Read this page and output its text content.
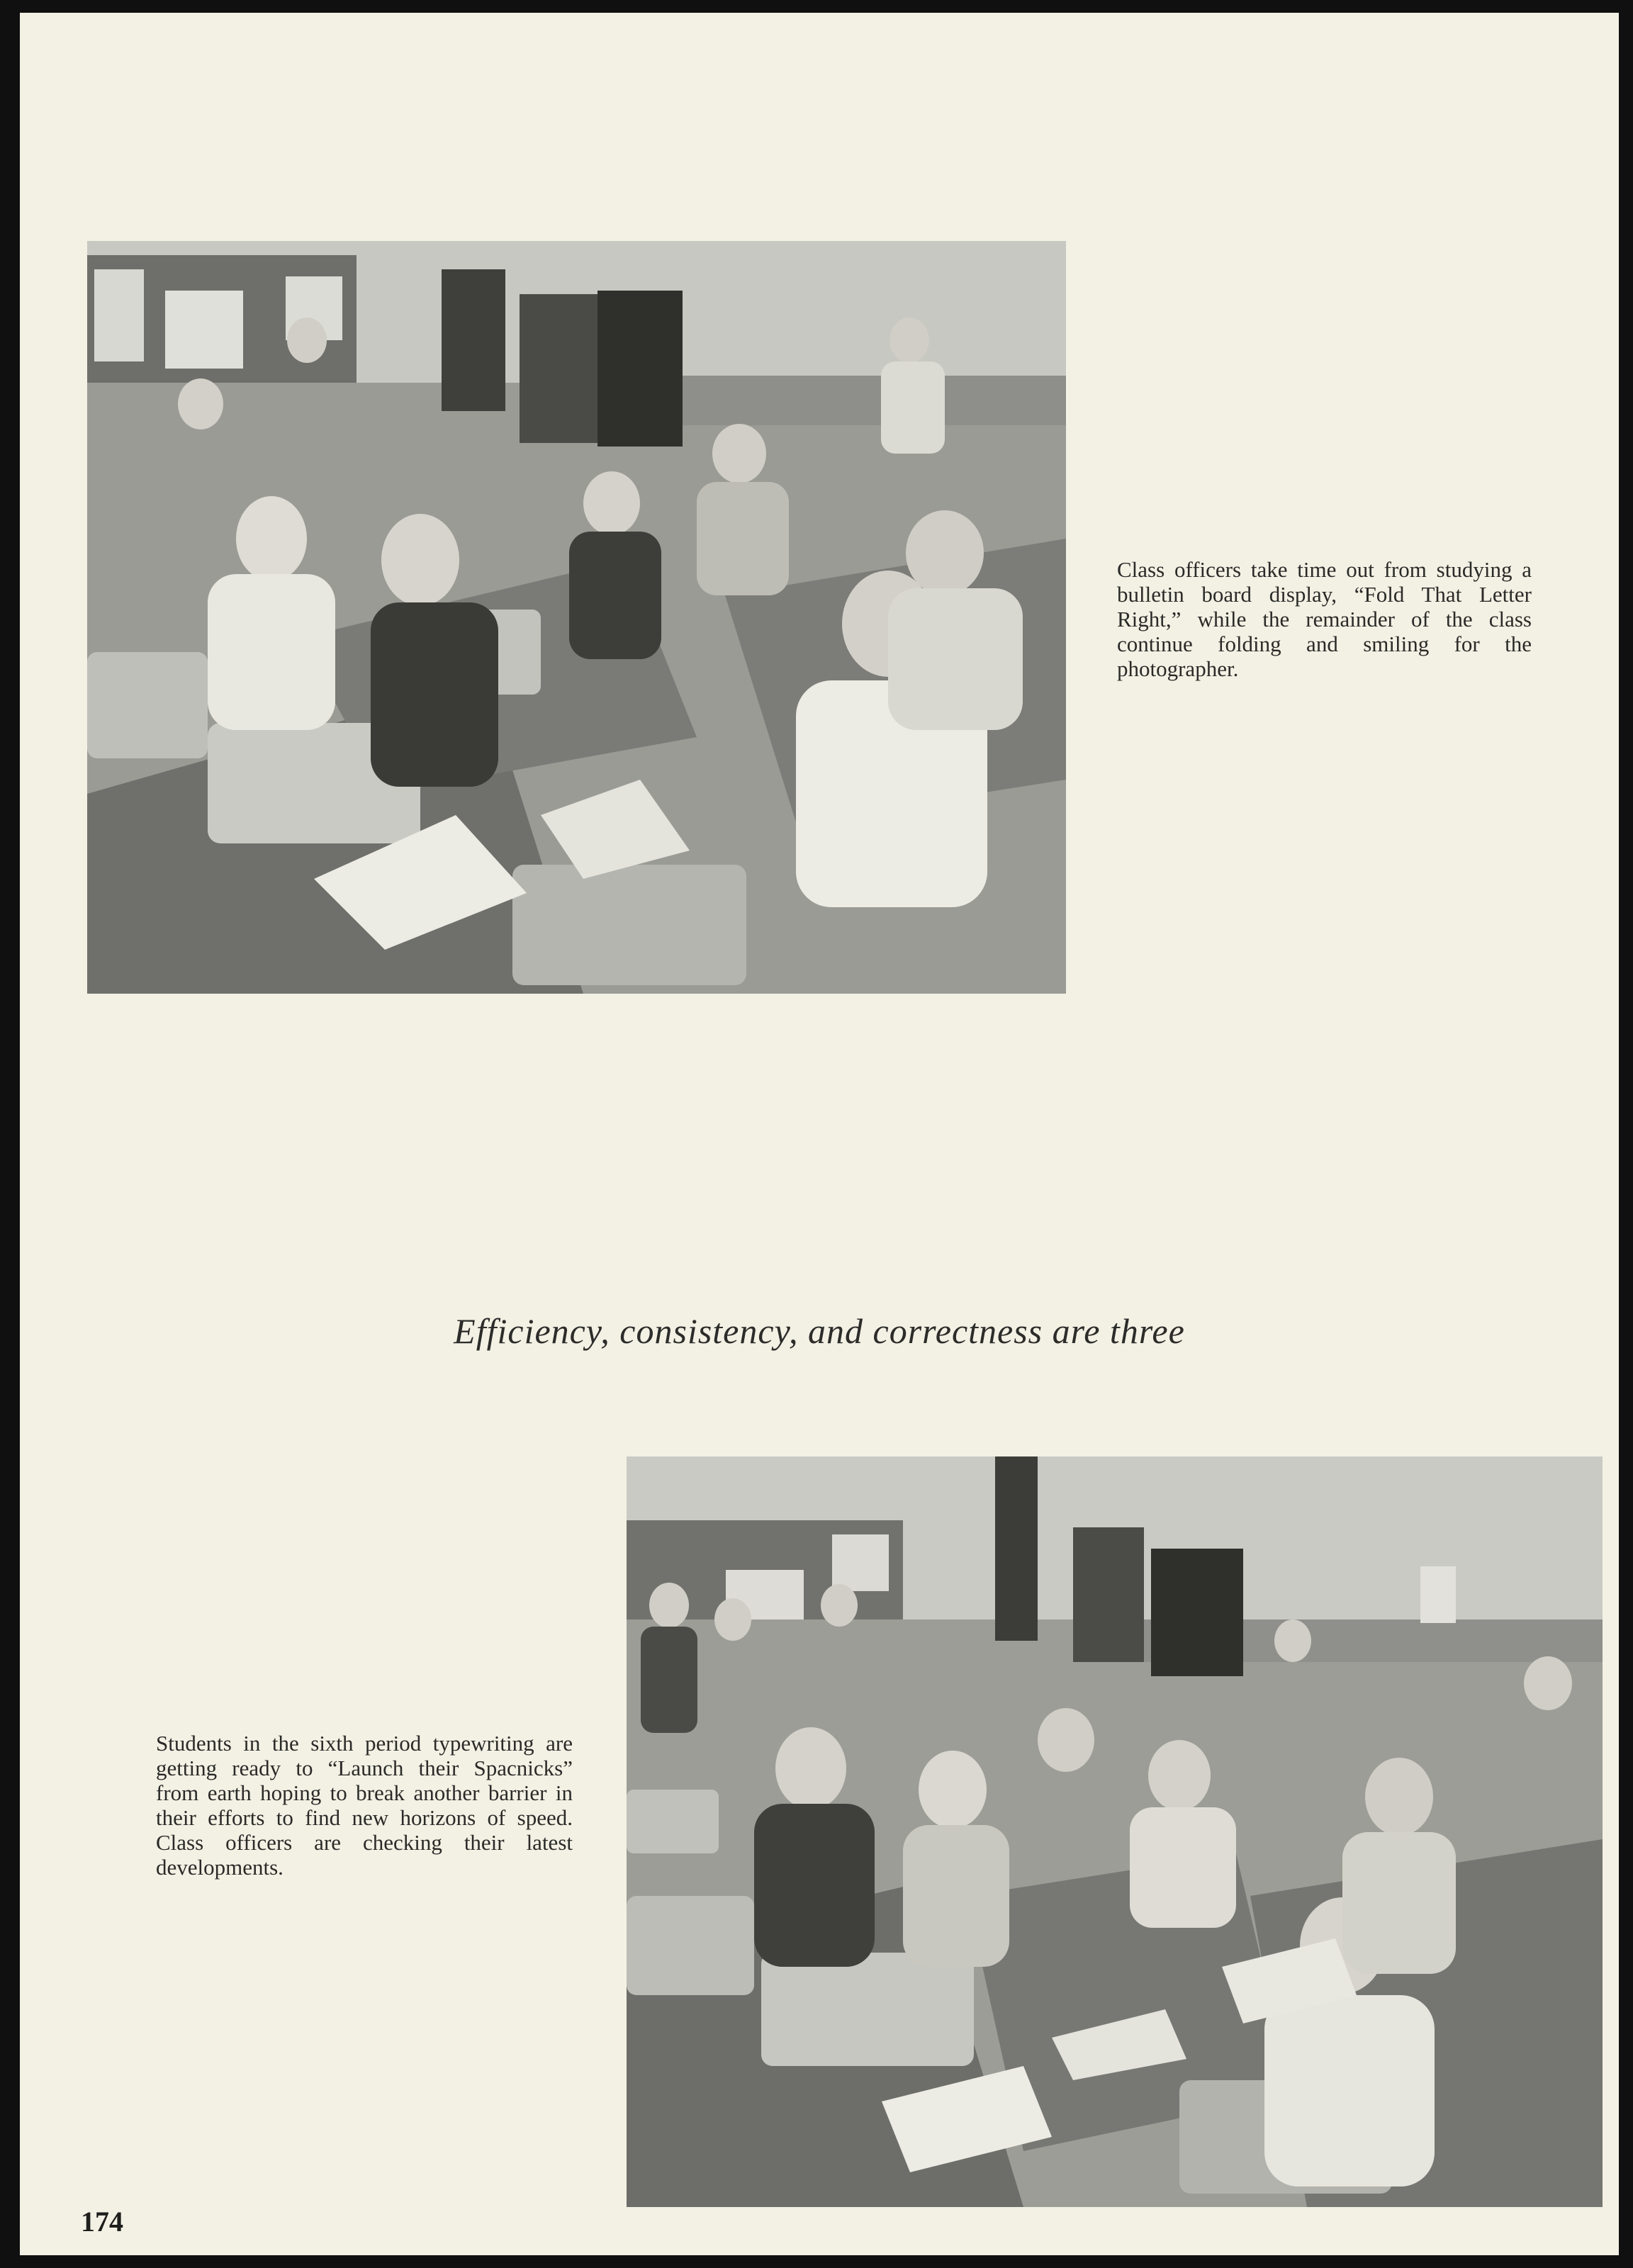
Class officers take time out from studying a bulletin board display, “Fold That Letter Right,” while the remainder of the class continue folding and smiling for the photographer.
Efficiency, consistency, and correctness are three
Students in the sixth period typewriting are getting ready to “Launch their Spacnicks” from earth hoping to break another barrier in their efforts to find new horizons of speed. Class officers are checking their latest developments.
174
